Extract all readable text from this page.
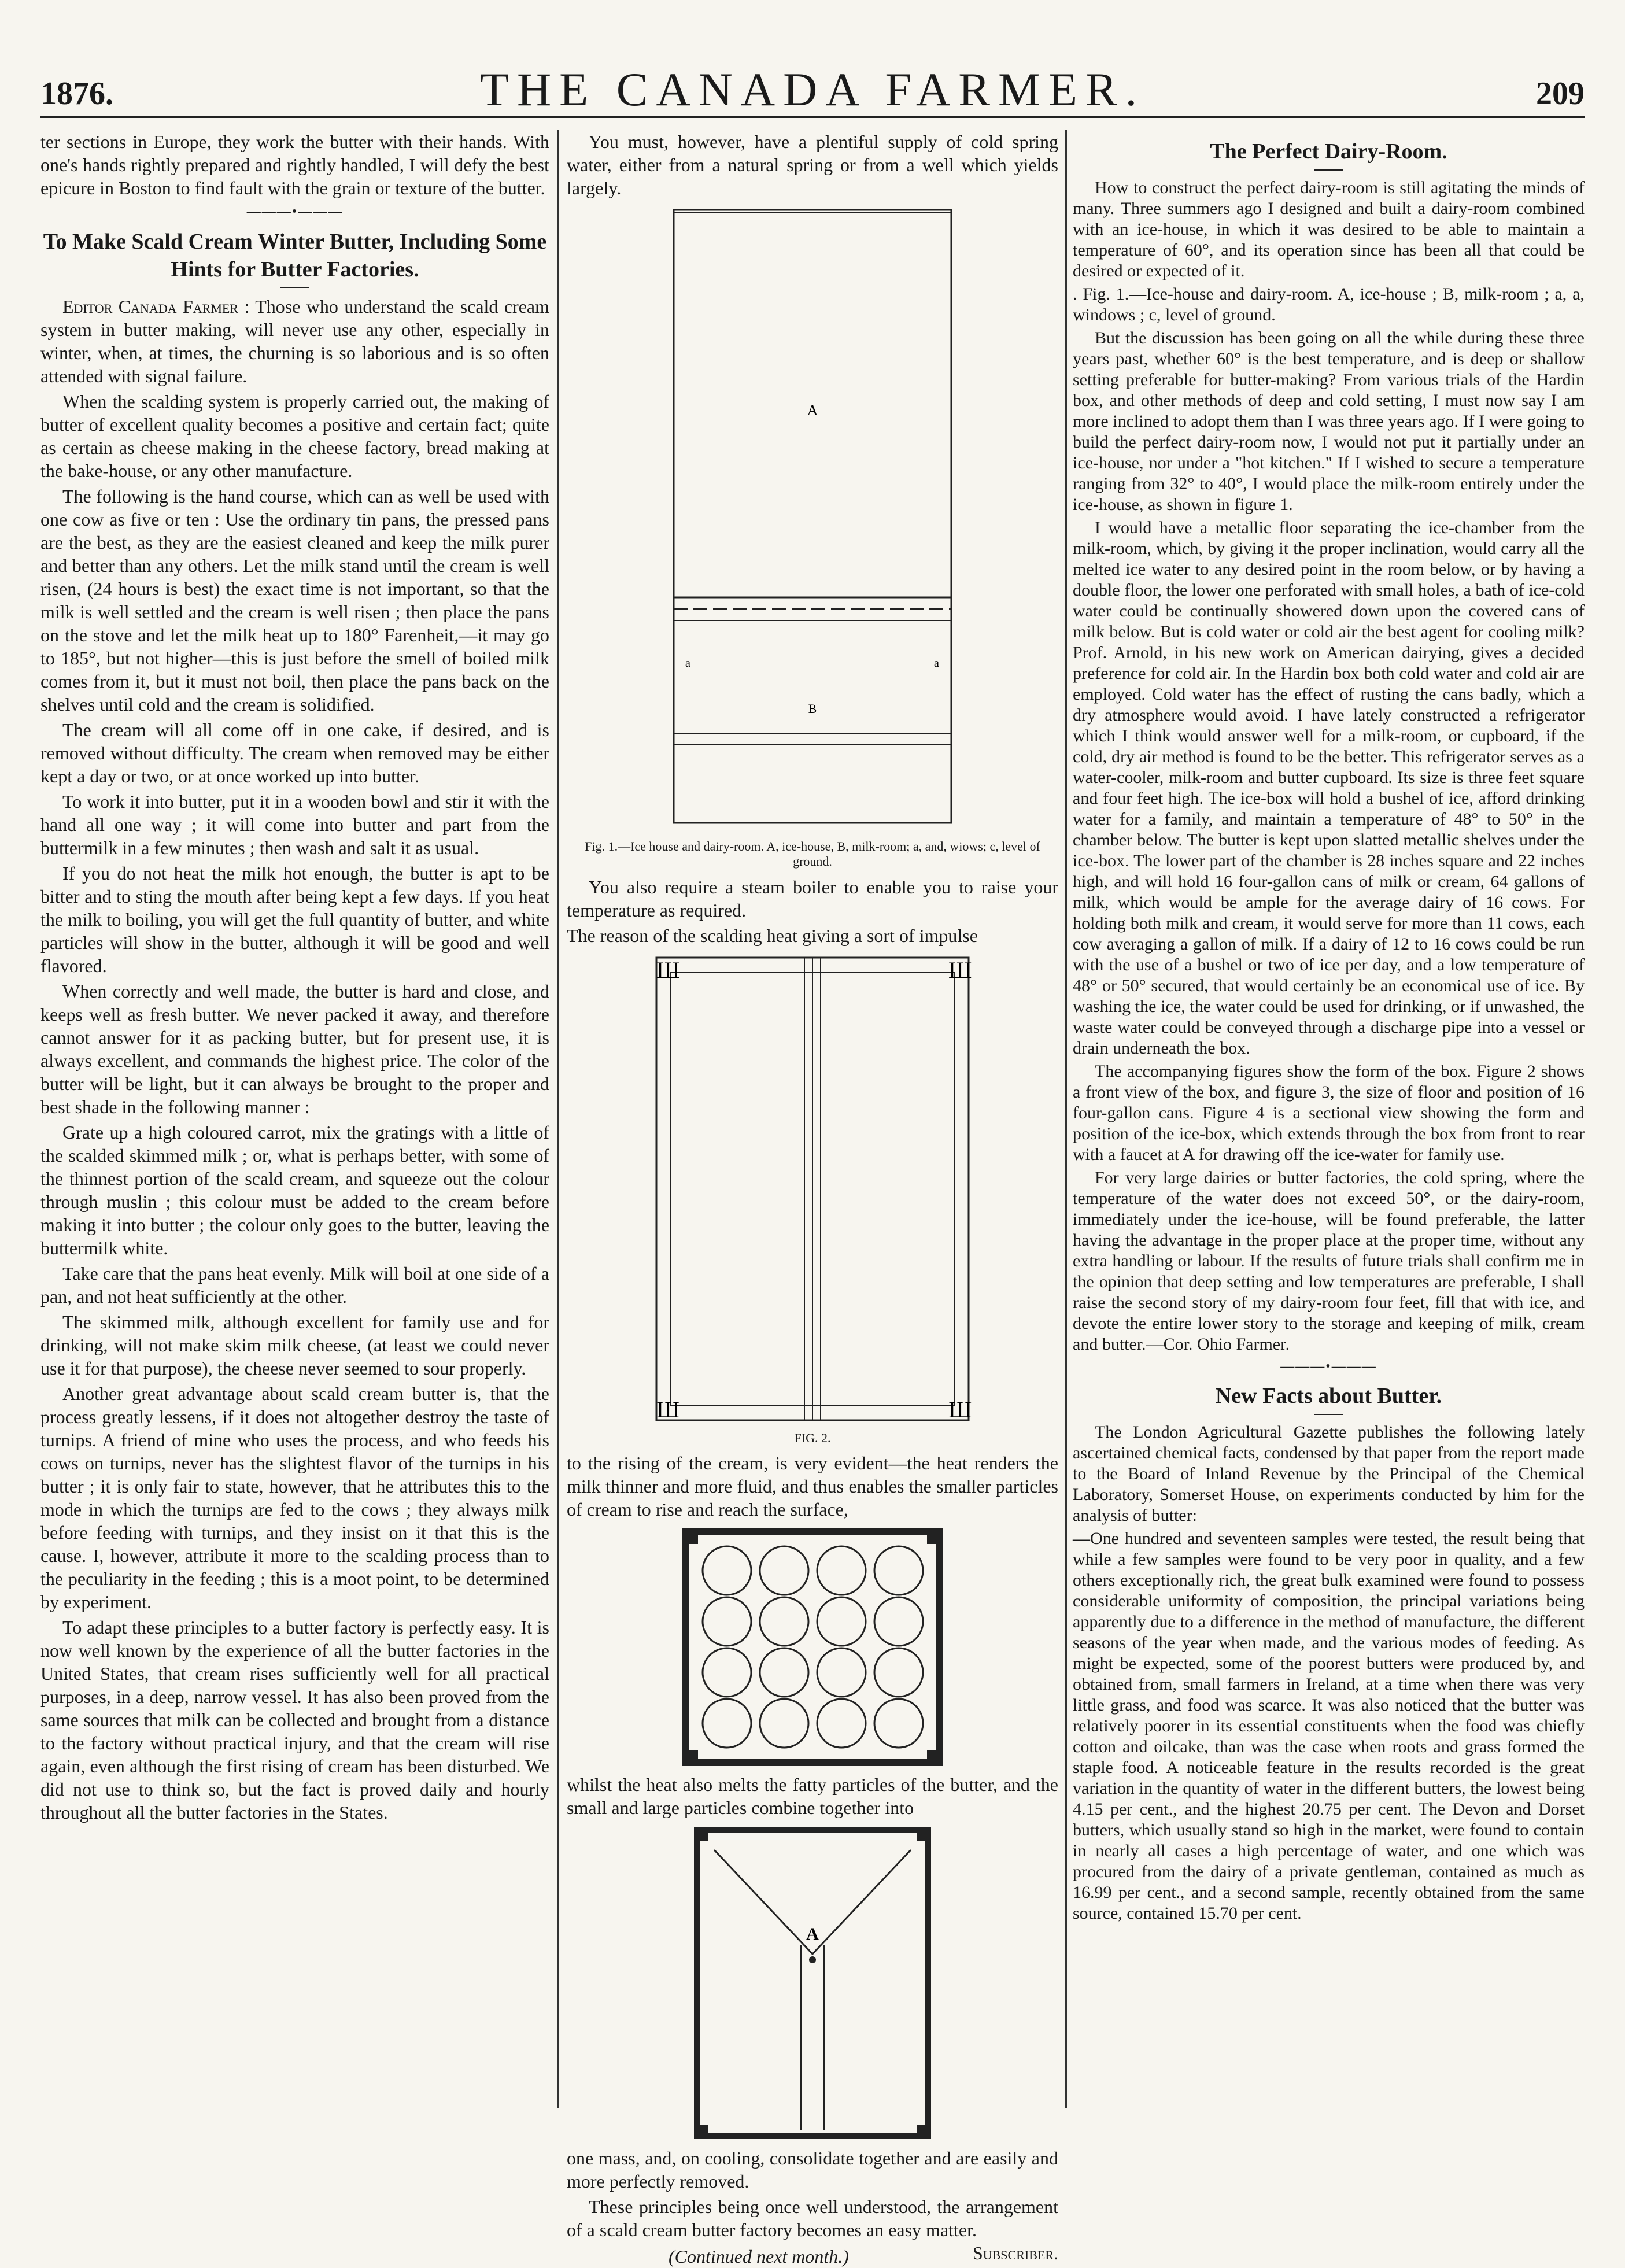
1876.	THE CANADA FARMER.	209

ter sections in Europe, they work the butter with their hands. With one's hands rightly prepared and rightly handled, I will defy the best epicure in Boston to find fault with the grain or texture of the butter.

———•———
To Make Scald Cream Winter Butter, Including Some Hints for Butter Factories.

Editor Canada Farmer : Those who understand the scald cream system in butter making, will never use any other, especially in winter, when, at times, the churning is so laborious and is so often attended with signal failure.

When the scalding system is properly carried out, the making of butter of excellent quality becomes a positive and certain fact; quite as certain as cheese making in the cheese factory, bread making at the bake-house, or any other manufacture.

The following is the hand course, which can as well be used with one cow as five or ten : Use the ordinary tin pans, the pressed pans are the best, as they are the easiest cleaned and keep the milk purer and better than any others. Let the milk stand until the cream is well risen, (24 hours is best) the exact time is not important, so that the milk is well settled and the cream is well risen ; then place the pans on the stove and let the milk heat up to 180° Farenheit,—it may go to 185°, but not higher—this is just before the smell of boiled milk comes from it, but it must not boil, then place the pans back on the shelves until cold and the cream is solidified.

The cream will all come off in one cake, if desired, and is removed without difficulty. The cream when removed may be either kept a day or two, or at once worked up into butter.

To work it into butter, put it in a wooden bowl and stir it with the hand all one way ; it will come into butter and part from the buttermilk in a few minutes ; then wash and salt it as usual.

If you do not heat the milk hot enough, the butter is apt to be bitter and to sting the mouth after being kept a few days. If you heat the milk to boiling, you will get the full quantity of butter, and white particles will show in the butter, although it will be good and well flavored.

When correctly and well made, the butter is hard and close, and keeps well as fresh butter. We never packed it away, and therefore cannot answer for it as packing butter, but for present use, it is always excellent, and commands the highest price. The color of the butter will be light, but it can always be brought to the proper and best shade in the following manner :

Grate up a high coloured carrot, mix the gratings with a little of the scalded skimmed milk ; or, what is perhaps better, with some of the thinnest portion of the scald cream, and squeeze out the colour through muslin ; this colour must be added to the cream before making it into butter ; the colour only goes to the butter, leaving the buttermilk white.

Take care that the pans heat evenly. Milk will boil at one side of a pan, and not heat sufficiently at the other.

The skimmed milk, although excellent for family use and for drinking, will not make skim milk cheese, (at least we could never use it for that purpose), the cheese never seemed to sour properly.

Another great advantage about scald cream butter is, that the process greatly lessens, if it does not altogether destroy the taste of turnips. A friend of mine who uses the process, and who feeds his cows on turnips, never has the slightest flavor of the turnips in his butter ; it is only fair to state, however, that he attributes this to the mode in which the turnips are fed to the cows ; they always milk before feeding with turnips, and they insist on it that this is the cause. I, however, attribute it more to the scalding process than to the peculiarity in the feeding ; this is a moot point, to be determined by experiment.

To adapt these principles to a butter factory is perfectly easy. It is now well known by the experience of all the butter factories in the United States, that cream rises sufficiently well for all practical purposes, in a deep, narrow vessel. It has also been proved from the same sources that milk can be collected and brought from a distance to the factory without practical injury, and that the cream will rise again, even although the first rising of cream has been disturbed. We did not use to think so, but the fact is proved daily and hourly throughout all the butter factories in the States.

You must, however, have a plentiful supply of cold spring water, either from a natural spring or from a well which yields largely.

A
B
a	a
Fig. 1.—Ice house and dairy-room. A, ice-house, B, milk-room; a, and, wiows; c, level of ground.

You also require a steam boiler to enable you to raise your temperature as required.

The reason of the scalding heat giving a sort of impulse

Ш	Ш
Ш	Ш
FIG. 2.

to the rising of the cream, is very evident—the heat renders the milk thinner and more fluid, and thus enables the smaller particles of cream to rise and reach the surface,

whilst the heat also melts the fatty particles of the butter, and the small and large particles combine together into

A

one mass, and, on cooling, consolidate together and are easily and more perfectly removed.

These principles being once well understood, the arrangement of a scald cream butter factory becomes an easy matter.
Subscriber.

(Continued next month.)
The Perfect Dairy-Room.

How to construct the perfect dairy-room is still agitating the minds of many. Three summers ago I designed and built a dairy-room combined with an ice-house, in which it was desired to be able to maintain a temperature of 60°, and its operation since has been all that could be desired or expected of it.

. Fig. 1.—Ice-house and dairy-room. A, ice-house ; B, milk-room ; a, a, windows ; c, level of ground.

But the discussion has been going on all the while during these three years past, whether 60° is the best temperature, and is deep or shallow setting preferable for butter-making? From various trials of the Hardin box, and other methods of deep and cold setting, I must now say I am more inclined to adopt them than I was three years ago. If I were going to build the perfect dairy-room now, I would not put it partially under an ice-house, nor under a "hot kitchen." If I wished to secure a temperature ranging from 32° to 40°, I would place the milk-room entirely under the ice-house, as shown in figure 1.

I would have a metallic floor separating the ice-chamber from the milk-room, which, by giving it the proper inclination, would carry all the melted ice water to any desired point in the room below, or by having a double floor, the lower one perforated with small holes, a bath of ice-cold water could be continually showered down upon the covered cans of milk below. But is cold water or cold air the best agent for cooling milk? Prof. Arnold, in his new work on American dairying, gives a decided preference for cold air. In the Hardin box both cold water and cold air are employed. Cold water has the effect of rusting the cans badly, which a dry atmosphere would avoid. I have lately constructed a refrigerator which I think would answer well for a milk-room, or cupboard, if the cold, dry air method is found to be the better. This refrigerator serves as a water-cooler, milk-room and butter cupboard. Its size is three feet square and four feet high. The ice-box will hold a bushel of ice, afford drinking water for a family, and maintain a temperature of 48° to 50° in the chamber below. The butter is kept upon slatted metallic shelves under the ice-box. The lower part of the chamber is 28 inches square and 22 inches high, and will hold 16 four-gallon cans of milk or cream, 64 gallons of milk, which would be ample for the average dairy of 16 cows. For holding both milk and cream, it would serve for more than 11 cows, each cow averaging a gallon of milk. If a dairy of 12 to 16 cows could be run with the use of a bushel or two of ice per day, and a low temperature of 48° or 50° secured, that would certainly be an economical use of ice. By washing the ice, the water could be used for drinking, or if unwashed, the waste water could be conveyed through a discharge pipe into a vessel or drain underneath the box.

The accompanying figures show the form of the box. Figure 2 shows a front view of the box, and figure 3, the size of floor and position of 16 four-gallon cans. Figure 4 is a sectional view showing the form and position of the ice-box, which extends through the box from front to rear with a faucet at A for drawing off the ice-water for family use.

For very large dairies or butter factories, the cold spring, where the temperature of the water does not exceed 50°, or the dairy-room, immediately under the ice-house, will be found preferable, the latter having the advantage in the proper place at the proper time, without any extra handling or labour. If the results of future trials shall confirm me in the opinion that deep setting and low temperatures are preferable, I shall raise the second story of my dairy-room four feet, fill that with ice, and devote the entire lower story to the storage and keeping of milk, cream and butter.—Cor. Ohio Farmer.

———•———
New Facts about Butter.

The London Agricultural Gazette publishes the following lately ascertained chemical facts, condensed by that paper from the report made to the Board of Inland Revenue by the Principal of the Chemical Laboratory, Somerset House, on experiments conducted by him for the analysis of butter:

—One hundred and seventeen samples were tested, the result being that while a few samples were found to be very poor in quality, and a few others exceptionally rich, the great bulk examined were found to possess considerable uniformity of composition, the principal variations being apparently due to a difference in the method of manufacture, the different seasons of the year when made, and the various modes of feeding. As might be expected, some of the poorest butters were produced by, and obtained from, small farmers in Ireland, at a time when there was very little grass, and food was scarce. It was also noticed that the butter was relatively poorer in its essential constituents when the food was chiefly cotton and oilcake, than was the case when roots and grass formed the staple food. A noticeable feature in the results recorded is the great variation in the quantity of water in the different butters, the lowest being 4.15 per cent., and the highest 20.75 per cent. The Devon and Dorset butters, which usually stand so high in the market, were found to contain in nearly all cases a high percentage of water, and one which was procured from the dairy of a private gentleman, contained as much as 16.99 per cent., and a second sample, recently obtained from the same source, contained 15.70 per cent.
